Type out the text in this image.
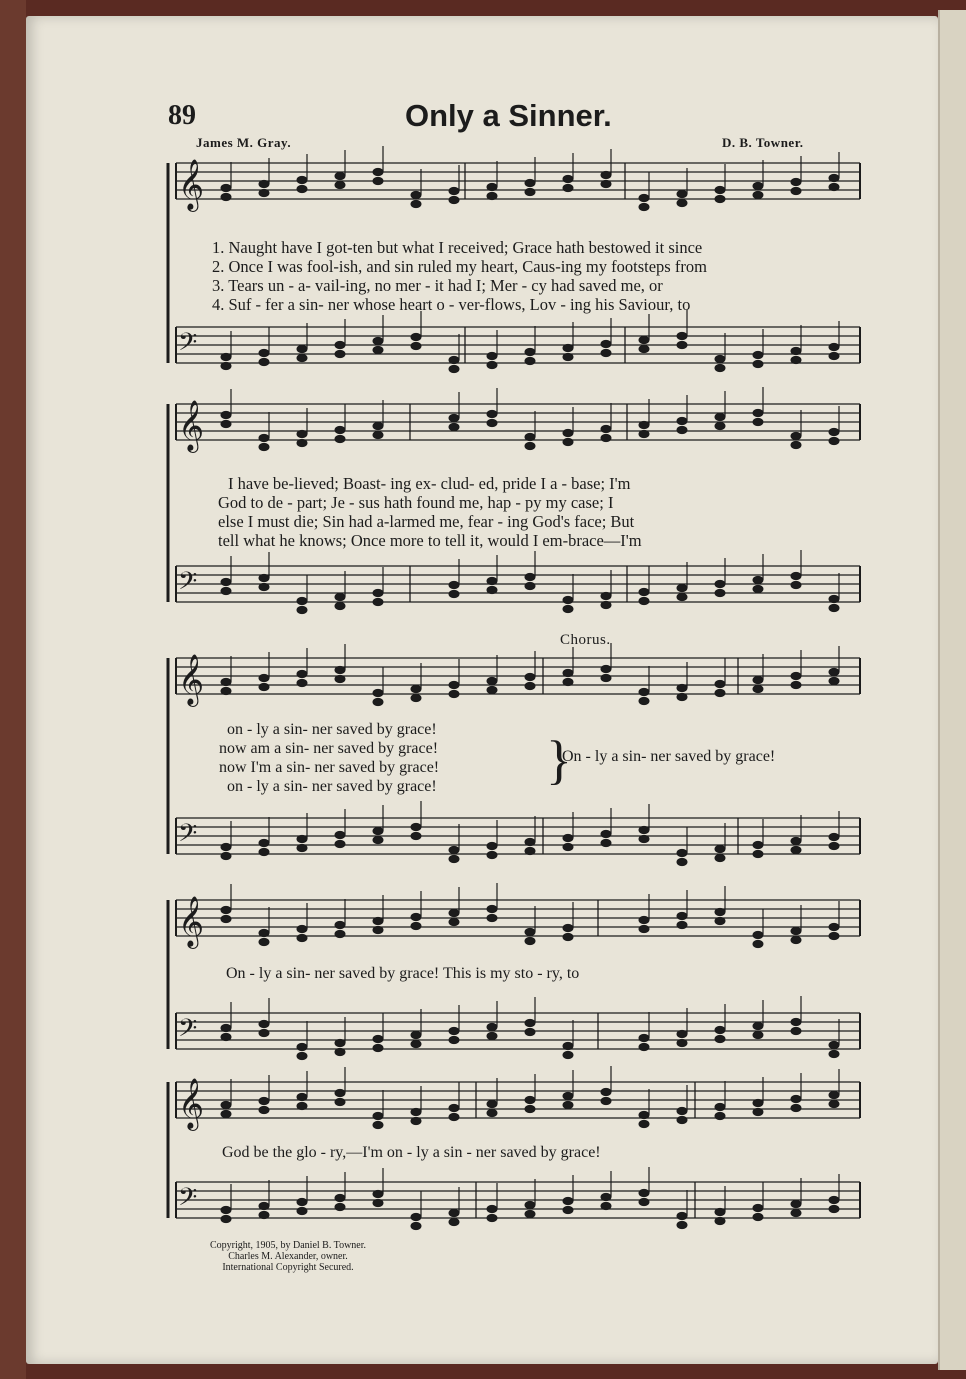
89	Only a Sinner.
James M. Gray.	D. B. Towner.
𝄞
𝄢
𝄞
𝄢
𝄞
𝄢
𝄞
𝄢
𝄞
𝄢
1. Naught have I got-ten but what I received; Grace hath bestowed it since
2. Once I was fool-ish, and sin ruled my heart, Caus-ing my footsteps from
3. Tears un - a- vail-ing, no mer - it had I; Mer - cy had saved me, or
4. Suf - fer a sin- ner whose heart o - ver-flows, Lov - ing his Saviour, to
I have be-lieved; Boast- ing ex- clud- ed, pride I a - base; I'm
God to de - part; Je - sus hath found me, hap - py my case; I
else I must die; Sin had a-larmed me, fear - ing God's face; But
tell what he knows; Once more to tell it, would I em-brace—I'm
Chorus.
on - ly a sin- ner saved by grace!
now am a sin- ner saved by grace!
now I'm a sin- ner saved by grace!
on - ly a sin- ner saved by grace! }
On - ly a sin- ner saved by grace!
On - ly a sin- ner saved by grace! This is my sto - ry, to
God be the glo - ry,—I'm on - ly a sin - ner saved by grace!
Copyright, 1905, by Daniel B. Towner.
Charles M. Alexander, owner.
International Copyright Secured.
